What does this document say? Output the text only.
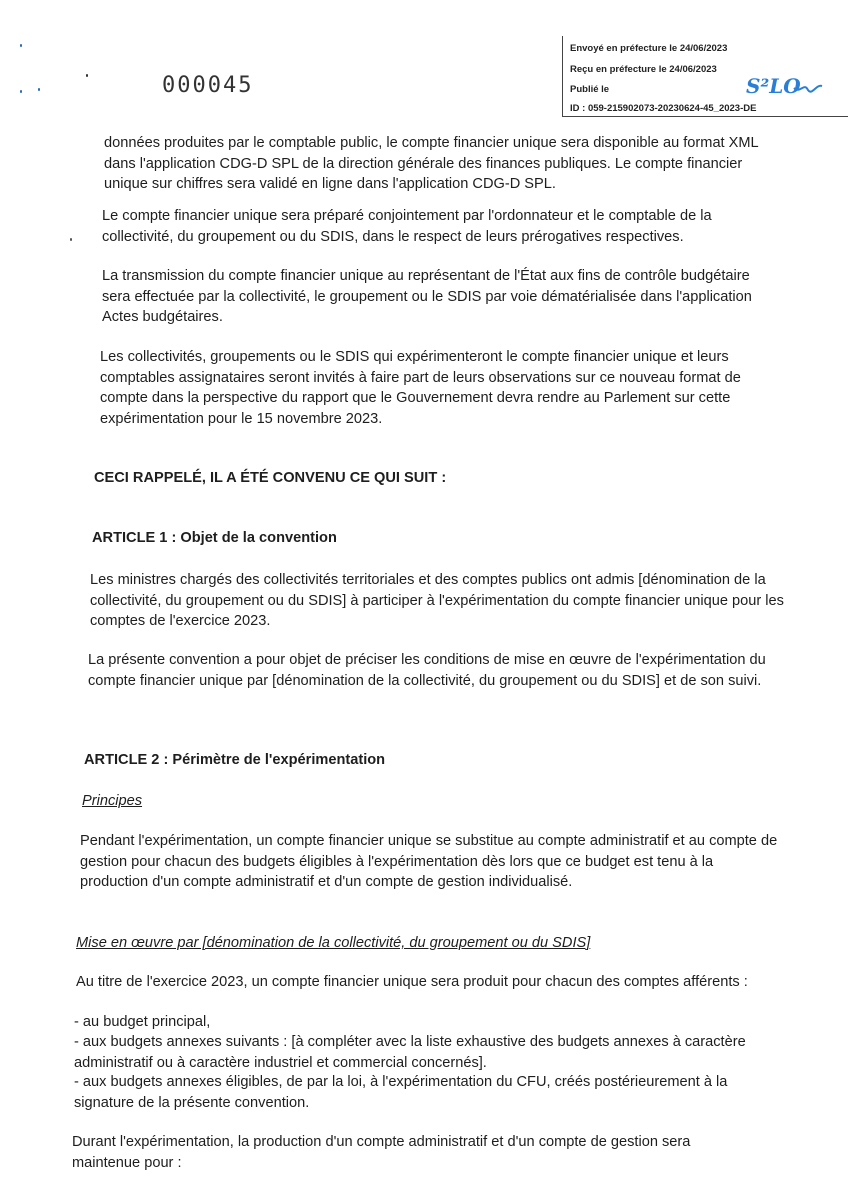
000045
Envoyé en préfecture le 24/06/2023
Reçu en préfecture le 24/06/2023
Publié le
ID : 059-215902073-20230624-45_2023-DE
S²LO

données produites par le comptable public, le compte financier unique sera disponible au format XML dans l'application CDG-D SPL de la direction générale des finances publiques. Le compte financier unique sur chiffres sera validé en ligne dans l'application CDG-D SPL.

Le compte financier unique sera préparé conjointement par l'ordonnateur et le comptable de la collectivité, du groupement ou du SDIS, dans le respect de leurs prérogatives respectives.

La transmission du compte financier unique au représentant de l'État aux fins de contrôle budgétaire sera effectuée par la collectivité, le groupement ou le SDIS par voie dématérialisée dans l'application Actes budgétaires.

Les collectivités, groupements ou le SDIS qui expérimenteront le compte financier unique et leurs comptables assignataires seront invités à faire part de leurs observations sur ce nouveau format de compte dans la perspective du rapport que le Gouvernement devra rendre au Parlement sur cette expérimentation pour le 15 novembre 2023.

CECI RAPPELÉ, IL A ÉTÉ CONVENU CE QUI SUIT :

ARTICLE 1 : Objet de la convention

Les ministres chargés des collectivités territoriales et des comptes publics ont admis [dénomination de la collectivité, du groupement ou du SDIS] à participer à l'expérimentation du compte financier unique pour les comptes de l'exercice 2023.

La présente convention a pour objet de préciser les conditions de mise en œuvre de l'expérimentation du compte financier unique par [dénomination de la collectivité, du groupement ou du SDIS] et de son suivi.

ARTICLE 2 : Périmètre de l'expérimentation

Principes

Pendant l'expérimentation, un compte financier unique se substitue au compte administratif et au compte de gestion pour chacun des budgets éligibles à l'expérimentation dès lors que ce budget est tenu à la production d'un compte administratif et d'un compte de gestion individualisé.

Mise en œuvre par [dénomination de la collectivité, du groupement ou du SDIS]

Au titre de l'exercice 2023, un compte financier unique sera produit pour chacun des comptes afférents :

- au budget principal,

- aux budgets annexes suivants : [à compléter avec la liste exhaustive des budgets annexes à caractère administratif ou à caractère industriel et commercial concernés].

- aux budgets annexes éligibles, de par la loi, à l'expérimentation du CFU, créés postérieurement à la signature de la présente convention.

Durant l'expérimentation, la production d'un compte administratif et d'un compte de gestion sera maintenue pour :
